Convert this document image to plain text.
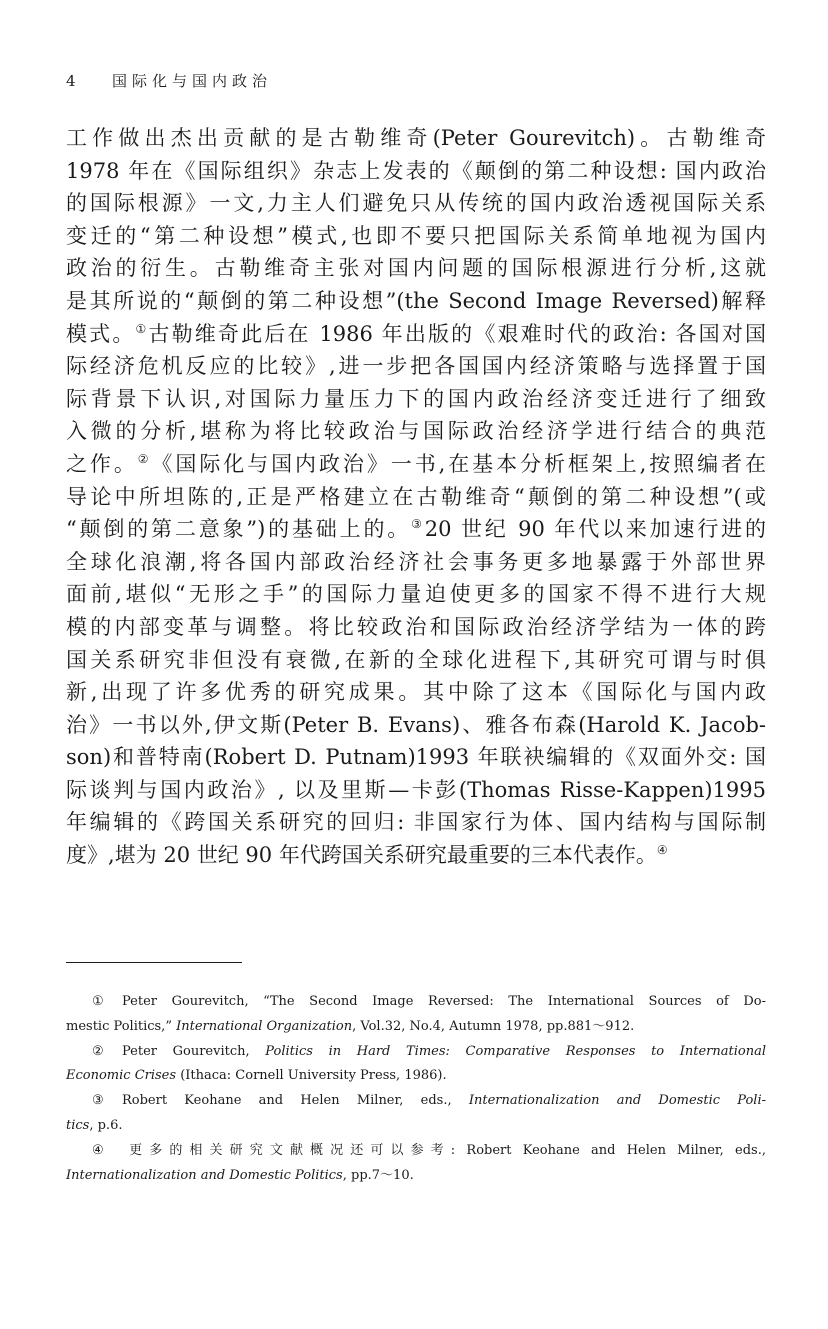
4 国际化与国内政治
工作做出杰出贡献的是古勒维奇(Peter Gourevitch)。古勒维奇
1978 年在《国际组织》杂志上发表的《颠倒的第二种设想: 国内政治
的国际根源》一文,力主人们避免只从传统的国内政治透视国际关系
变迁的“第二种设想”模式,也即不要只把国际关系简单地视为国内
政治的衍生。古勒维奇主张对国内问题的国际根源进行分析,这就
是其所说的“颠倒的第二种设想”(the Second Image Reversed)解释
模式。①古勒维奇此后在 1986 年出版的《艰难时代的政治: 各国对国
际经济危机反应的比较》,进一步把各国国内经济策略与选择置于国
际背景下认识,对国际力量压力下的国内政治经济变迁进行了细致
入微的分析,堪称为将比较政治与国际政治经济学进行结合的典范
之作。②《国际化与国内政治》一书,在基本分析框架上,按照编者在
导论中所坦陈的,正是严格建立在古勒维奇“颠倒的第二种设想”(或
“颠倒的第二意象”)的基础上的。③20 世纪 90 年代以来加速行进的
全球化浪潮,将各国内部政治经济社会事务更多地暴露于外部世界
面前,堪似“无形之手”的国际力量迫使更多的国家不得不进行大规
模的内部变革与调整。将比较政治和国际政治经济学结为一体的跨
国关系研究非但没有衰微,在新的全球化进程下,其研究可谓与时俱
新,出现了许多优秀的研究成果。其中除了这本《国际化与国内政
治》一书以外,伊文斯(Peter B. Evans)、雅各布森(Harold K. Jacob-
son)和普特南(Robert D. Putnam)1993 年联袂编辑的《双面外交: 国
际谈判与国内政治》, 以及里斯—卡彭(Thomas Risse-Kappen)1995
年编辑的《跨国关系研究的回归: 非国家行为体、国内结构与国际制
度》,堪为 20 世纪 90 年代跨国关系研究最重要的三本代表作。④
① Peter Gourevitch, “The Second Image Reversed: The International Sources of Do-
mestic Politics,” International Organization, Vol.32, No.4, Autumn 1978, pp.881～912.
② Peter Gourevitch, Politics in Hard Times: Comparative Responses to International
Economic Crises (Ithaca: Cornell University Press, 1986).
③ Robert Keohane and Helen Milner, eds., Internationalization and Domestic Poli-
tics, p.6.
④ 更多的相关研究文献概况还可以参考: Robert Keohane and Helen Milner, eds.,
Internationalization and Domestic Politics, pp.7～10.
